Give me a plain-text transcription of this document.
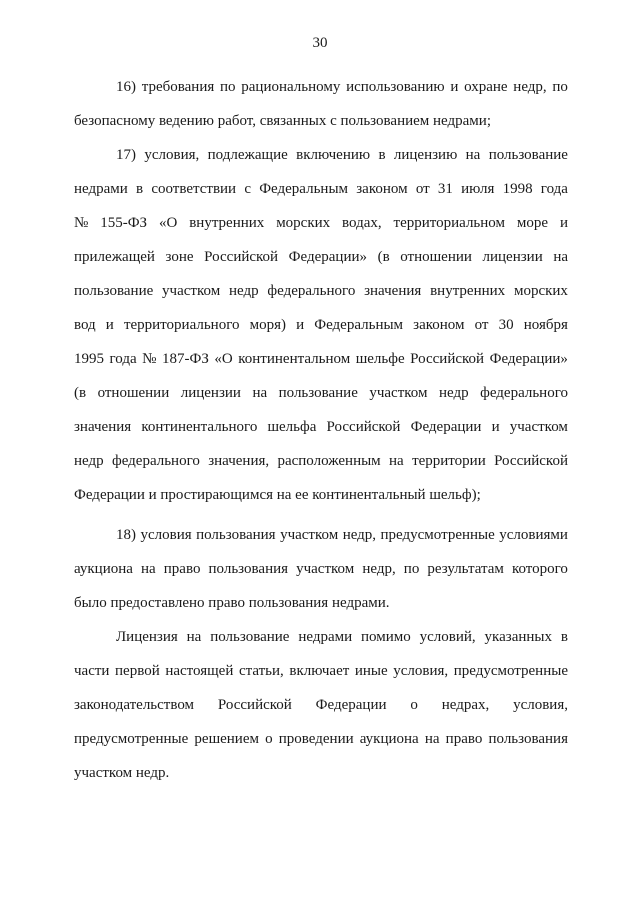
30
16) требования по рациональному использованию и охране недр, по
безопасному ведению работ, связанных с пользованием недрами;
17) условия, подлежащие включению в лицензию на пользование
недрами в соответствии с Федеральным законом от 31 июля 1998 года
№ 155-ФЗ «О внутренних морских водах, территориальном море и
прилежащей зоне Российской Федерации» (в отношении лицензии на
пользование участком недр федерального значения внутренних морских
вод и территориального моря) и Федеральным законом от 30 ноября
1995 года № 187-ФЗ «О континентальном шельфе Российской Федерации»
(в отношении лицензии на пользование участком недр федерального
значения континентального шельфа Российской Федерации и участком
недр федерального значения, расположенным на территории Российской
Федерации и простирающимся на ее континентальный шельф);
18) условия пользования участком недр, предусмотренные условиями
аукциона на право пользования участком недр, по результатам которого
было предоставлено право пользования недрами.
Лицензия на пользование недрами помимо условий, указанных в
части первой настоящей статьи, включает иные условия, предусмотренные
законодательством Российской Федерации о недрах, условия,
предусмотренные решением о проведении аукциона на право пользования
участком недр.
